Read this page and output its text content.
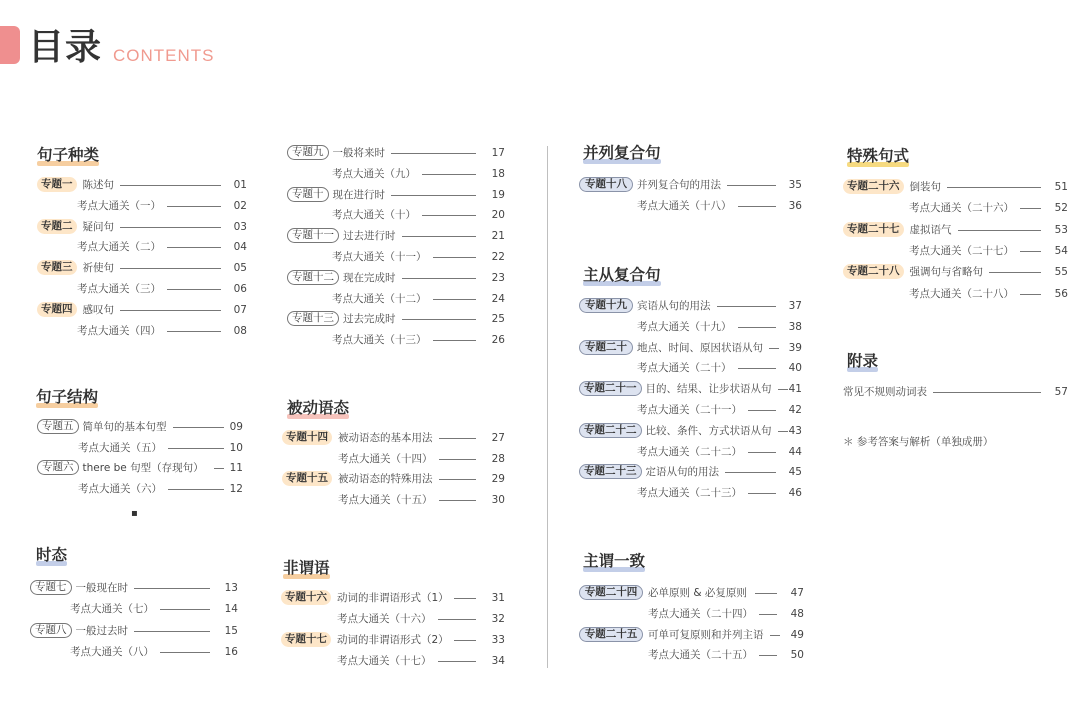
目录 CONTENTS
▪
＊ 参考答案与解析（单独成册）
句子种类
专题一 陈述句	01
考点大通关（一）	02
专题二 疑问句	03
考点大通关（二）	04
专题三 祈使句	05
考点大通关（三）	06
专题四 感叹句	07
考点大通关（四）	08
句子结构
专题五 简单句的基本句型	09
考点大通关（五）	10
专题六 there be 句型（存现句）	11
考点大通关（六）	12
时态
专题七 一般现在时	13
考点大通关（七）	14
专题八 一般过去时	15
考点大通关（八）	16
专题九 一般将来时	17
考点大通关（九）	18
专题十 现在进行时	19
考点大通关（十）	20
专题十一 过去进行时	21
考点大通关（十一）	22
专题十二 现在完成时	23
考点大通关（十二）	24
专题十三 过去完成时	25
考点大通关（十三）	26
被动语态
专题十四 被动语态的基本用法	27
考点大通关（十四）	28
专题十五 被动语态的特殊用法	29
考点大通关（十五）	30
非谓语
专题十六 动词的非谓语形式（1）	31
考点大通关（十六）	32
专题十七 动词的非谓语形式（2）	33
考点大通关（十七）	34
并列复合句
专题十八 并列复合句的用法	35
考点大通关（十八）	36
主从复合句
专题十九 宾语从句的用法	37
考点大通关（十九）	38
专题二十 地点、时间、原因状语从句	39
考点大通关（二十）	40
专题二十一 目的、结果、让步状语从句	41
考点大通关（二十一）	42
专题二十二 比较、条件、方式状语从句	43
考点大通关（二十二）	44
专题二十三 定语从句的用法	45
考点大通关（二十三）	46
主谓一致
专题二十四	必单原则 & 必复原则	47
考点大通关（二十四）	48
专题二十五	可单可复原则和并列主语	49
考点大通关（二十五）	50
特殊句式
专题二十六 倒装句	51
考点大通关（二十六）	52
专题二十七 虚拟语气	53
考点大通关（二十七）	54
专题二十八 强调句与省略句	55
考点大通关（二十八）	56
附录
常见不规则动词表	57
